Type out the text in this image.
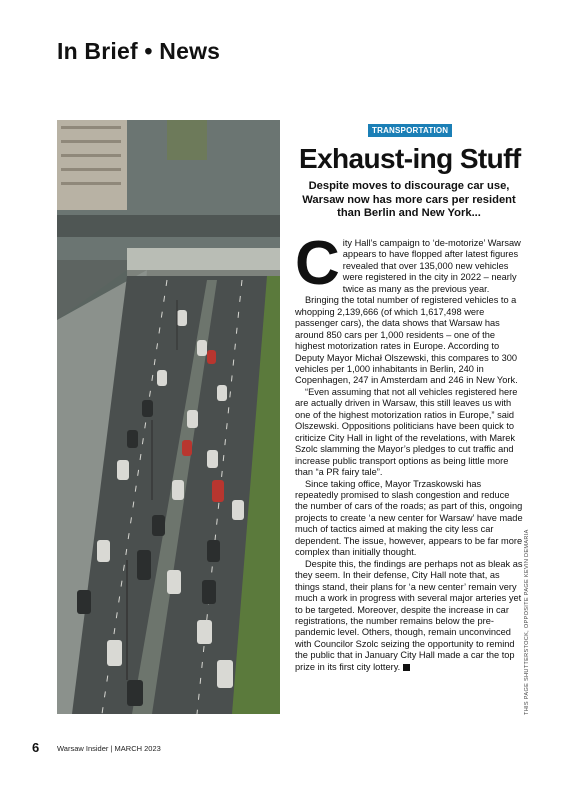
In Brief • News
TRANSPORTATION
Exhaust-ing Stuff
Despite moves to discourage car use, Warsaw now has more cars per resident than Berlin and New York...

City Hall’s campaign to ‘de-motorize’ Warsaw appears to have flopped after latest figures revealed that over 135,000 new vehicles were registered in the city in 2022 – nearly twice as many as the previous year.

Bringing the total number of registered vehicles to a whopping 2,139,666 (of which 1,617,498 were passenger cars), the data shows that Warsaw has around 850 cars per 1,000 residents – one of the highest motorization rates in Europe. According to Deputy Mayor Michał Olszewski, this compares to 300 vehicles per 1,000 inhabitants in Berlin, 240 in Copenhagen, 247 in Amsterdam and 246 in New York.

“Even assuming that not all vehicles registered here are actually driven in Warsaw, this still leaves us with one of the highest motorization ratios in Europe,” said Olszewski. Oppositions politicians have been quick to criticize City Hall in light of the revelations, with Marek Szolc slamming the Mayor’s pledges to cut traffic and increase public transport options as being little more than “a PR fairy tale”.

Since taking office, Mayor Trzaskowski has repeatedly promised to slash congestion and reduce the number of cars of the roads; as part of this, ongoing projects to create ‘a new center for Warsaw’ have made much of tactics aimed at making the city less car dependent. The issue, however, appears to be far more complex than initially thought.

Despite this, the findings are perhaps not as bleak as they seem. In their defense, City Hall note that, as things stand, their plans for ‘a new center’ remain very much a work in progress with several major arteries yet to be targeted. Moreover, despite the increase in car registrations, the number remains below the pre-pandemic level. Others, though, remain unconvinced with Councilor Szolc seizing the opportunity to remind the public that in January City Hall made a car the top prize in its first city lottery.	THIS PAGE SHUTTERSTOCK, OPPOSITE PAGE KEVIN DEMARIA
6 Warsaw Insider | MARCH 2023
